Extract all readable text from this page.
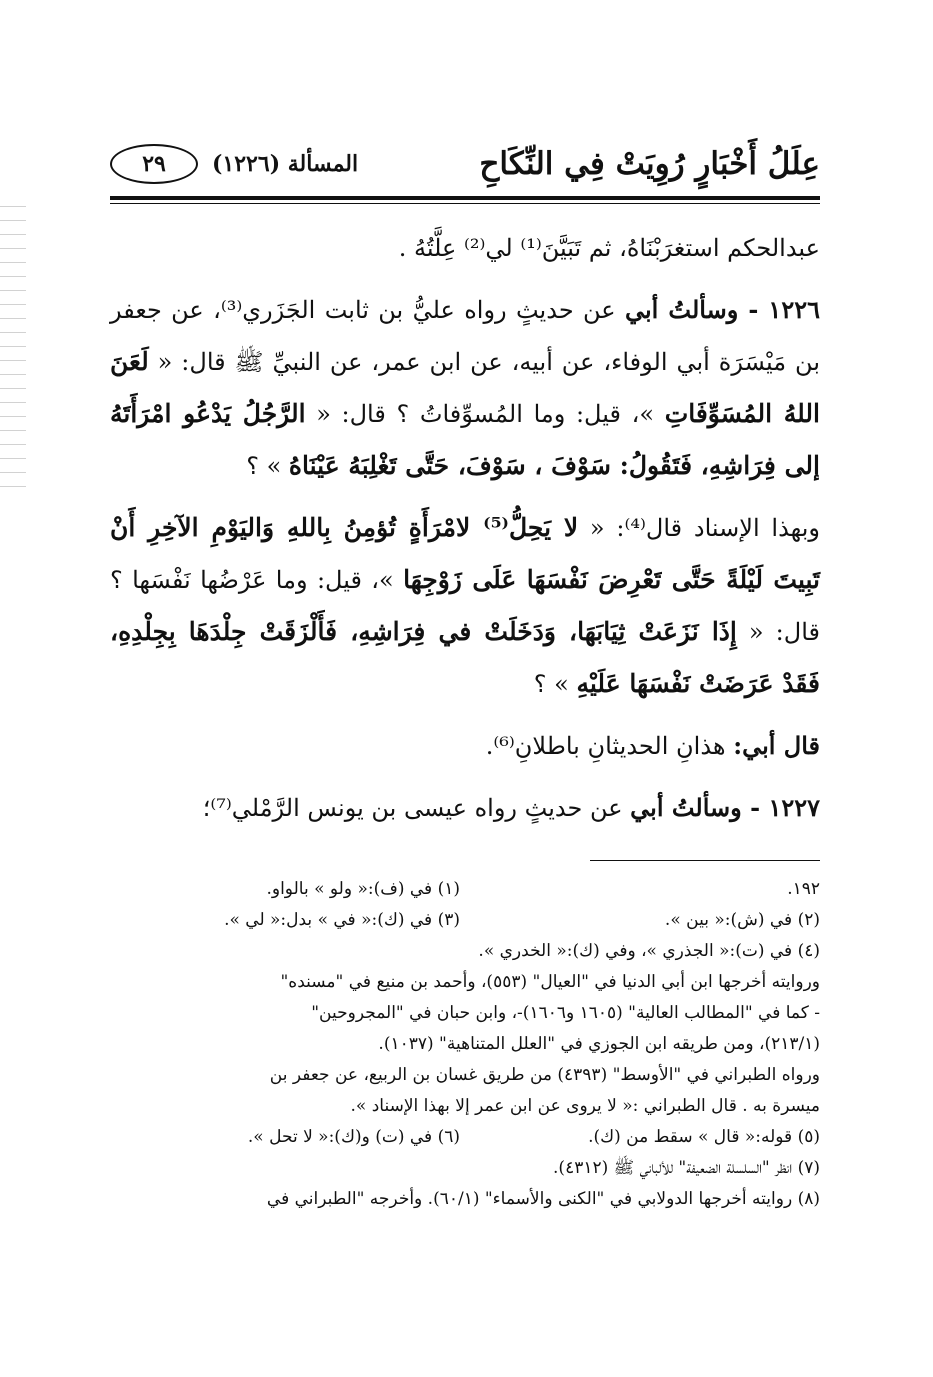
عِلَلُ أَخْبَارٍ رُوِيَتْ فِي النِّكَاحِ
المسألة (١٢٢٦)
٢٩

عبدالحكم استغرَبْنَاهُ، ثم تَبَيَّنَ⁽¹⁾ لي⁽²⁾ عِلَّتُهُ .

١٢٢٦ - وسألتُ أبي عن حديثٍ رواه عليُّ بن ثابت الجَزَري⁽³⁾، عن جعفر بن مَيْسَرَة أبي الوفاء، عن أبيه، عن ابن عمر، عن النبيِّ ﷺ قال: « لَعَنَ اللهُ المُسَوِّفَاتِ »، قيل: وما المُسوِّفاتُ ؟ قال: « الرَّجُلُ يَدْعُو امْرَأَتَهُ إلى فِرَاشِهِ، فَتَقُولُ: سَوْفَ ، سَوْفَ، حَتَّى تَغْلِبَهُ عَيْنَاهُ » ؟

وبهذا الإسناد قال⁽⁴⁾: « لا يَحِلُّ⁽⁵⁾ لامْرَأَةٍ تُؤمِنُ بِاللهِ وَاليَوْمِ الآخِرِ أَنْ تَبِيتَ لَيْلَةً حَتَّى تَعْرِضَ نَفْسَهَا عَلَى زَوْجِهَا »، قيل: وما عَرْضُها نَفْسَها ؟ قال: « إِذَا نَزَعَتْ ثِيَابَهَا، وَدَخَلَتْ في فِرَاشِهِ، فَأَلْزَقَتْ جِلْدَهَا بِجِلْدِهِ، فَقَدْ عَرَضَتْ نَفْسَهَا عَلَيْهِ » ؟

قال أبي: هذانِ الحديثانِ باطلانِ⁽⁶⁾.

١٢٢٧ - وسألتُ أبي عن حديثٍ رواه عيسى بن يونس الرَّمْلي⁽⁷⁾؛

١٩٢.
(١) في (ف):« ولو » بالواو.

(٢) في (ش):« بين ».
(٣) في (ك):« في » بدل:« لي ».

(٤) في (ت):« الجذري »، وفي (ك):« الخدري ».

وروايته أخرجها ابن أبي الدنيا في "العيال" (٥٥٣)، وأحمد بن منيع في "مسنده"

- كما في "المطالب العالية" (١٦٠٥ و١٦٠٦)-، وابن حبان في "المجروحين"

(٢١٣/١)، ومن طريقه ابن الجوزي في "العلل المتناهية" (١٠٣٧).

ورواه الطبراني في "الأوسط" (٤٣٩٣) من طريق غسان بن الربيع، عن جعفر بن

ميسرة به . قال الطبراني :« لا يروى عن ابن عمر إلا بهذا الإسناد ».

(٥) قوله:« قال » سقط من (ك).
(٦) في (ت) و(ك):« لا تحل ».

(٧) انظر "السلسلة الضعيفة" للألباني ﷺ (٤٣١٢).

(٨) روايته أخرجها الدولابي في "الكنى والأسماء" (٦٠/١). وأخرجه "الطبراني في
